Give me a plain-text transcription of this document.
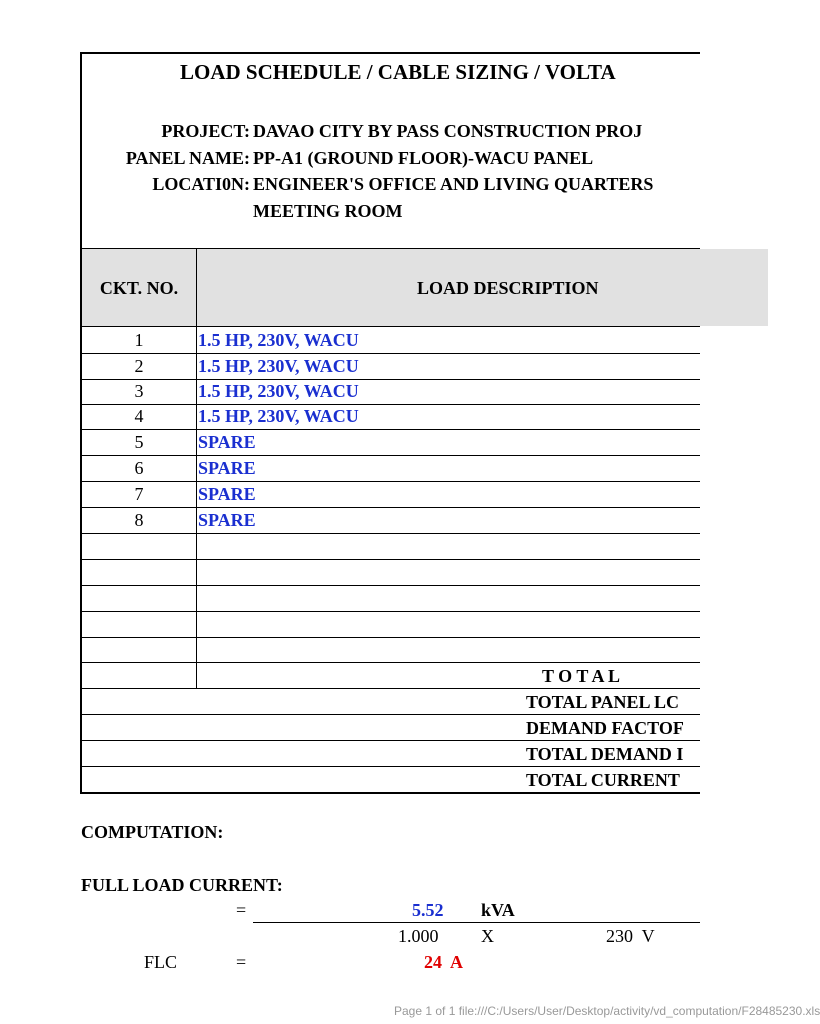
LOAD SCHEDULE / CABLE SIZING / VOLTA
PROJECT: DAVAO CITY BY PASS CONSTRUCTION PROJ
PANEL NAME: PP-A1 (GROUND FLOOR)-WACU PANEL
LOCATI0N: ENGINEER'S OFFICE AND LIVING QUARTERS
MEETING ROOM
CKT. NO.	LOAD DESCRIPTION
1	1.5 HP, 230V, WACU
2	1.5 HP, 230V, WACU
3	1.5 HP, 230V, WACU
4	1.5 HP, 230V, WACU
5	SPARE
6	SPARE
7	SPARE
8	SPARE
T O T A L
TOTAL PANEL LC
DEMAND FACTOF
TOTAL DEMAND I
TOTAL CURRENT
COMPUTATION:
FULL LOAD CURRENT:
=	5.52 kVA
1.000 X	230  V
FLC	=	24  A
Page 1 of 1 file:///C:/Users/User/Desktop/activity/vd_computation/F28485230.xls
